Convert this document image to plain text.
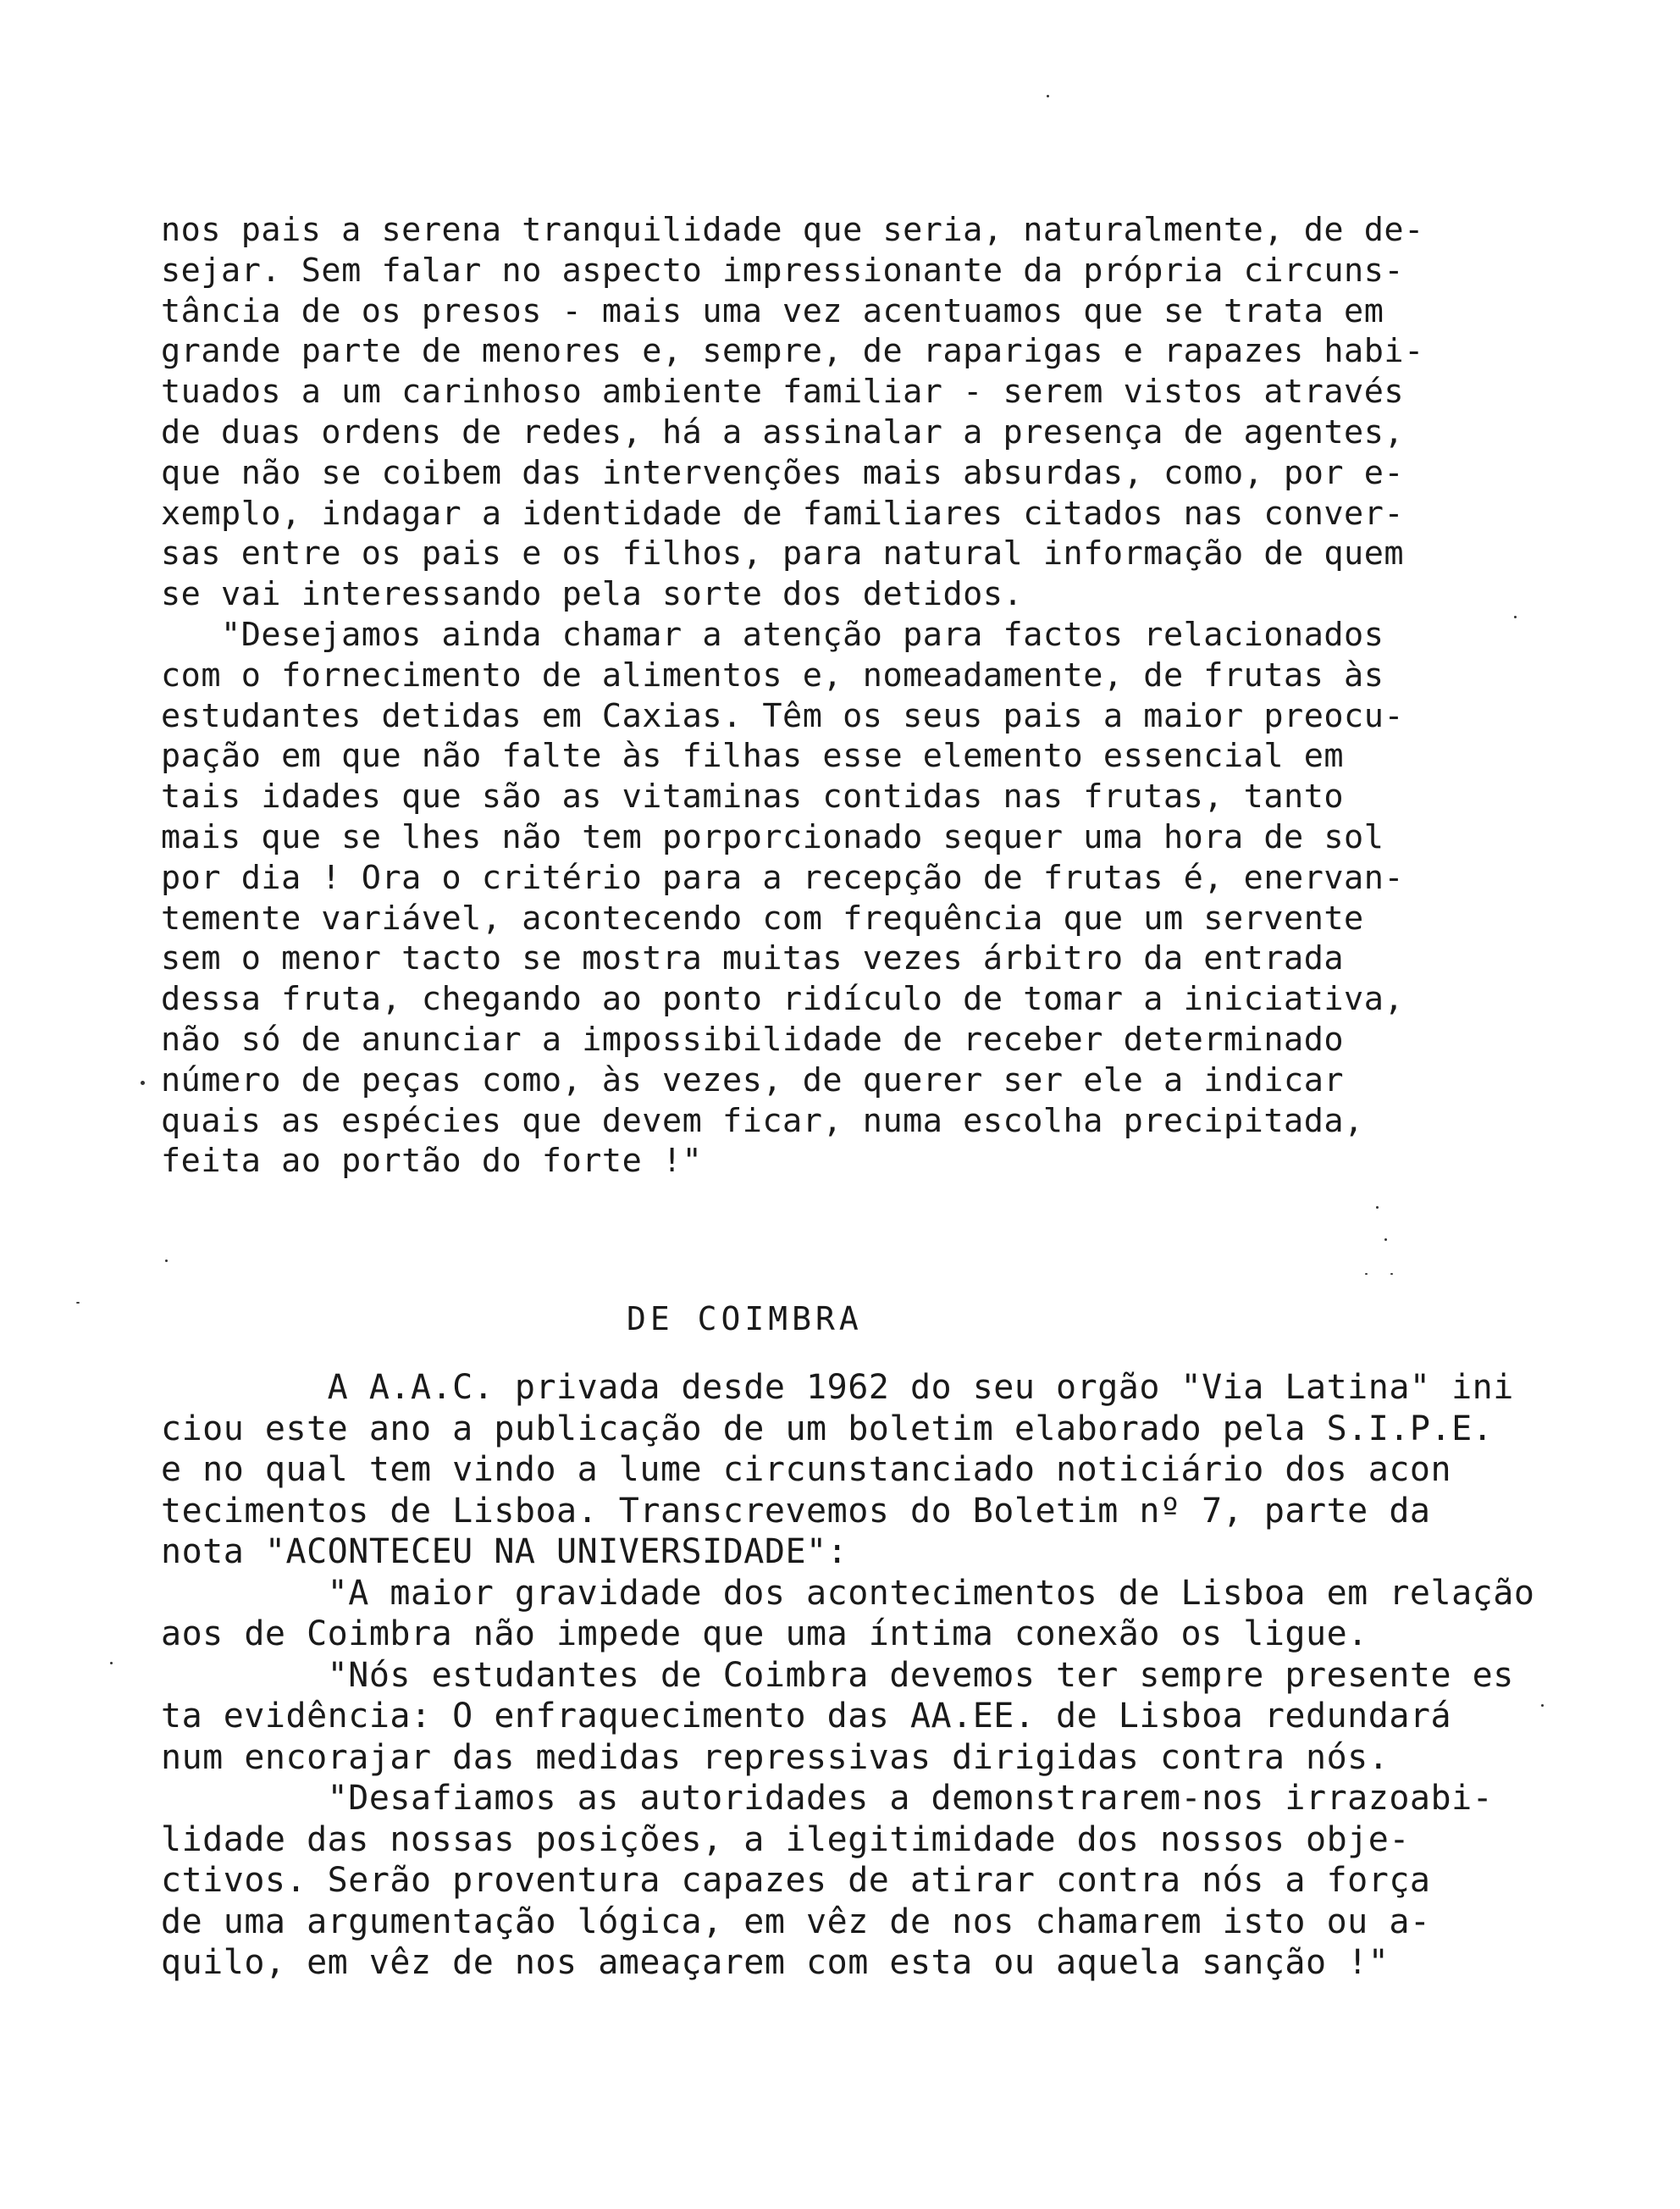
nos pais a serena tranquilidade que seria, naturalmente, de de-
sejar. Sem falar no aspecto impressionante da própria circuns-
tância de os presos - mais uma vez acentuamos que se trata em
grande parte de menores e, sempre, de raparigas e rapazes habi-
tuados a um carinhoso ambiente familiar - serem vistos através
de duas ordens de redes, há a assinalar a presença de agentes,
que não se coibem das intervenções mais absurdas, como, por e-
xemplo, indagar a identidade de familiares citados nas conver-
sas entre os pais e os filhos, para natural informação de quem
se vai interessando pela sorte dos detidos.
"Desejamos ainda chamar a atenção para factos relacionados
com o fornecimento de alimentos e, nomeadamente, de frutas às
estudantes detidas em Caxias. Têm os seus pais a maior preocu-
pação em que não falte às filhas esse elemento essencial em
tais idades que são as vitaminas contidas nas frutas, tanto
mais que se lhes não tem porporcionado sequer uma hora de sol
por dia ! Ora o critério para a recepção de frutas é, enervan-
temente variável, acontecendo com frequência que um servente
sem o menor tacto se mostra muitas vezes árbitro da entrada
dessa fruta, chegando ao ponto ridículo de tomar a iniciativa,
não só de anunciar a impossibilidade de receber determinado
número de peças como, às vezes, de querer ser ele a indicar
quais as espécies que devem ficar, numa escolha precipitada,
feita ao portão do forte !"
DE COIMBRA
A A.A.C. privada desde 1962 do seu orgão "Via Latina" ini
ciou este ano a publicação de um boletim elaborado pela S.I.P.E.
e no qual tem vindo a lume circunstanciado noticiário dos acon
tecimentos de Lisboa. Transcrevemos do Boletim nº 7, parte da
nota "ACONTECEU NA UNIVERSIDADE":
"A maior gravidade dos acontecimentos de Lisboa em relação
aos de Coimbra não impede que uma íntima conexão os ligue.
"Nós estudantes de Coimbra devemos ter sempre presente es
ta evidência: O enfraquecimento das AA.EE. de Lisboa redundará
num encorajar das medidas repressivas dirigidas contra nós.
"Desafiamos as autoridades a demonstrarem-nos irrazoabi-
lidade das nossas posições, a ilegitimidade dos nossos obje-
ctivos. Serão proventura capazes de atirar contra nós a força
de uma argumentação lógica, em vêz de nos chamarem isto ou a-
quilo, em vêz de nos ameaçarem com esta ou aquela sanção !"
